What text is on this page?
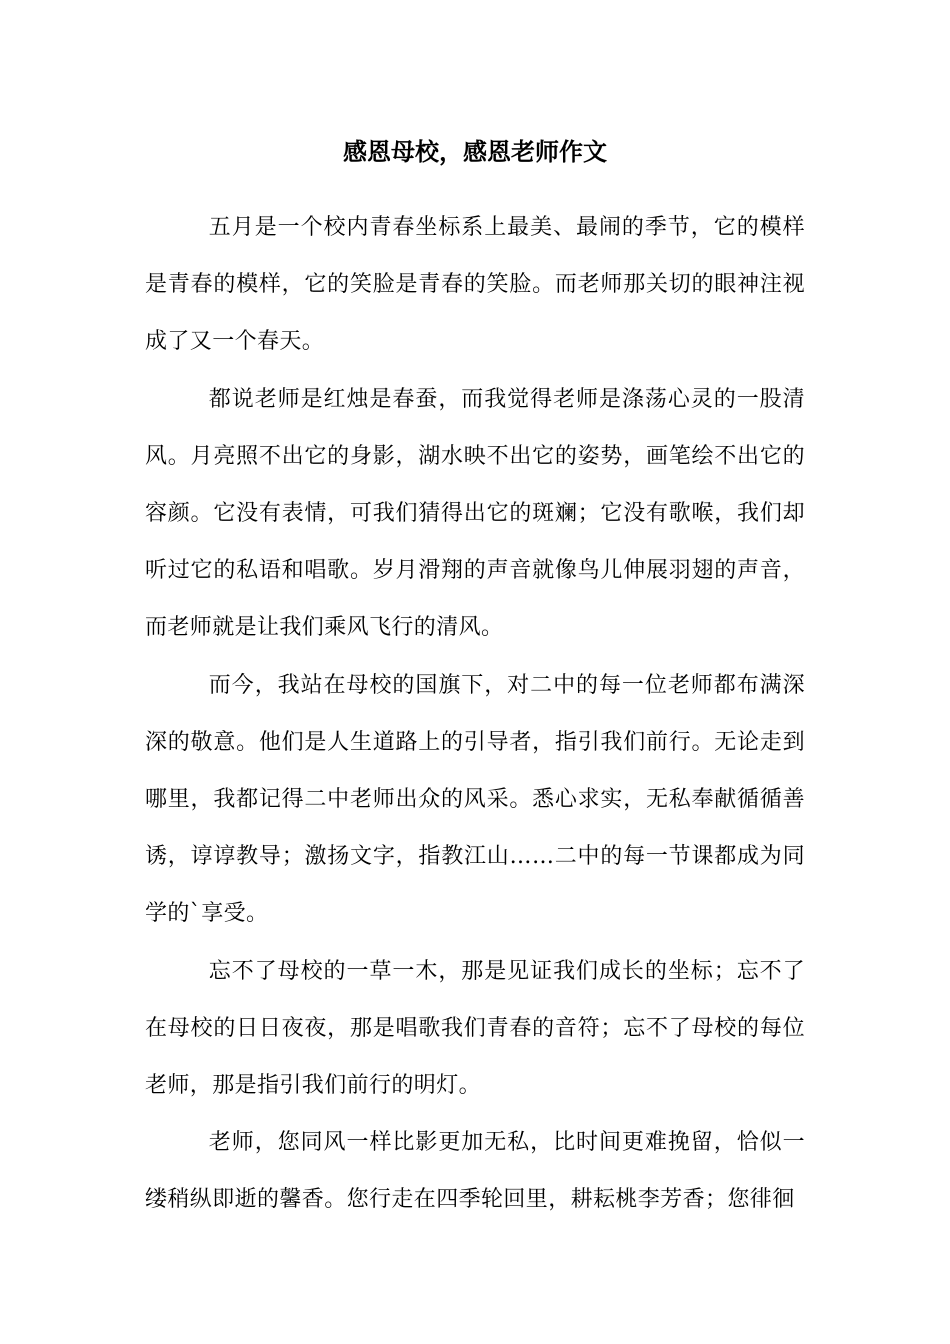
感恩母校，感恩老师作文

五月是一个校内青春坐标系上最美、最闹的季节，它的模样是青春的模样，它的笑脸是青春的笑脸。而老师那关切的眼神注视成了又一个春天。

都说老师是红烛是春蚕，而我觉得老师是涤荡心灵的一股清风。月亮照不出它的身影，湖水映不出它的姿势，画笔绘不出它的容颜。它没有表情，可我们猜得出它的斑斓；它没有歌喉，我们却听过它的私语和唱歌。岁月滑翔的声音就像鸟儿伸展羽翅的声音，而老师就是让我们乘风飞行的清风。

而今，我站在母校的国旗下，对二中的每一位老师都布满深深的敬意。他们是人生道路上的引导者，指引我们前行。无论走到哪里，我都记得二中老师出众的风采。悉心求实，无私奉献循循善诱，谆谆教导；激扬文字，指教江山……二中的每一节课都成为同学的`享受。

忘不了母校的一草一木，那是见证我们成长的坐标；忘不了在母校的日日夜夜，那是唱歌我们青春的音符；忘不了母校的每位老师，那是指引我们前行的明灯。

老师，您同风一样比影更加无私，比时间更难挽留，恰似一缕稍纵即逝的馨香。您行走在四季轮回里，耕耘桃李芳香；您徘徊
